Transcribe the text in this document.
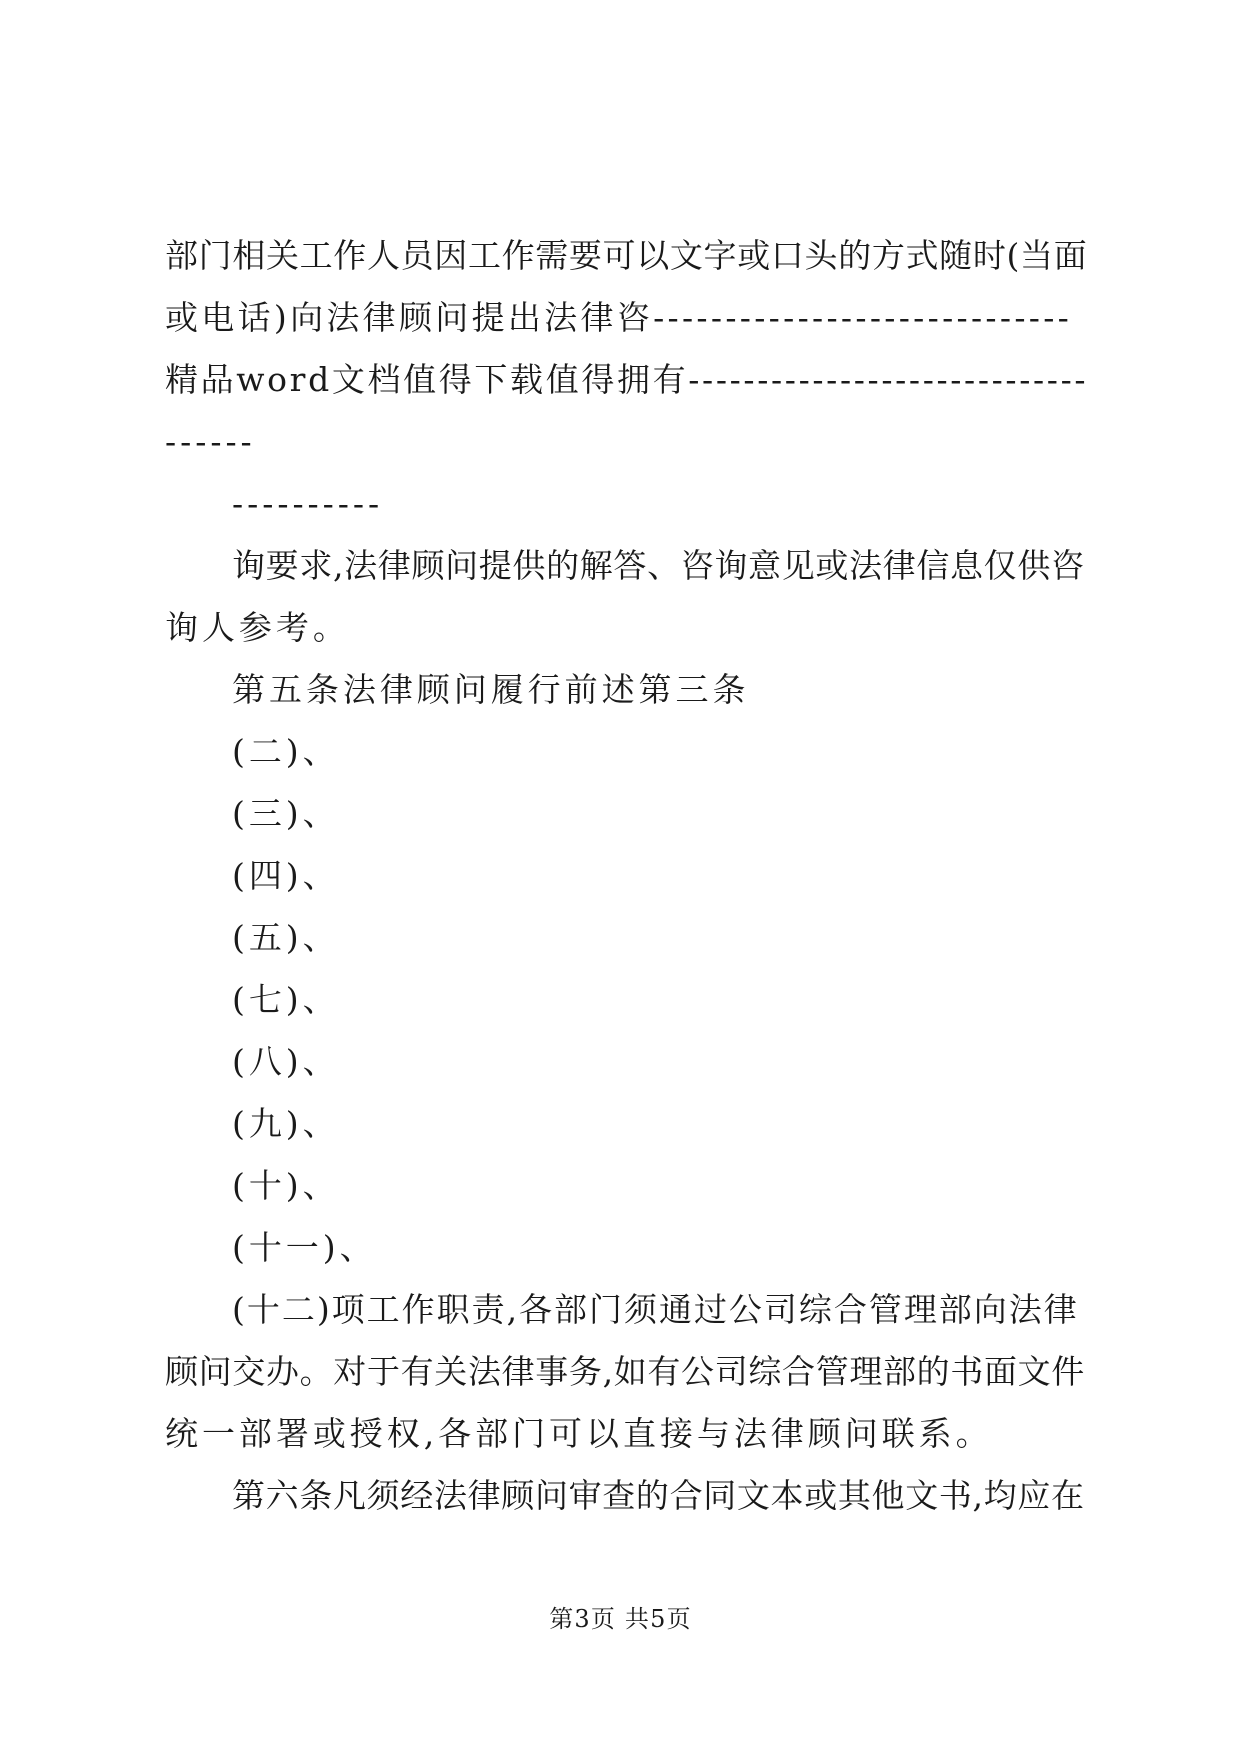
部门相关工作人员因工作需要可以文字或口头的方式随时(当面
或电话)向法律顾问提出法律咨-----------------------------
精品word文档值得下载值得拥有-----------------------------
------
----------
询要求,法律顾问提供的解答、咨询意见或法律信息仅供咨
询人参考。
第五条法律顾问履行前述第三条
(二)、
(三)、
(四)、
(五)、
(七)、
(八)、
(九)、
(十)、
(十一)、
(十二)项工作职责,各部门须通过公司综合管理部向法律
顾问交办。对于有关法律事务,如有公司综合管理部的书面文件
统一部署或授权,各部门可以直接与法律顾问联系。
第六条凡须经法律顾问审查的合同文本或其他文书,均应在
第3页 共5页
